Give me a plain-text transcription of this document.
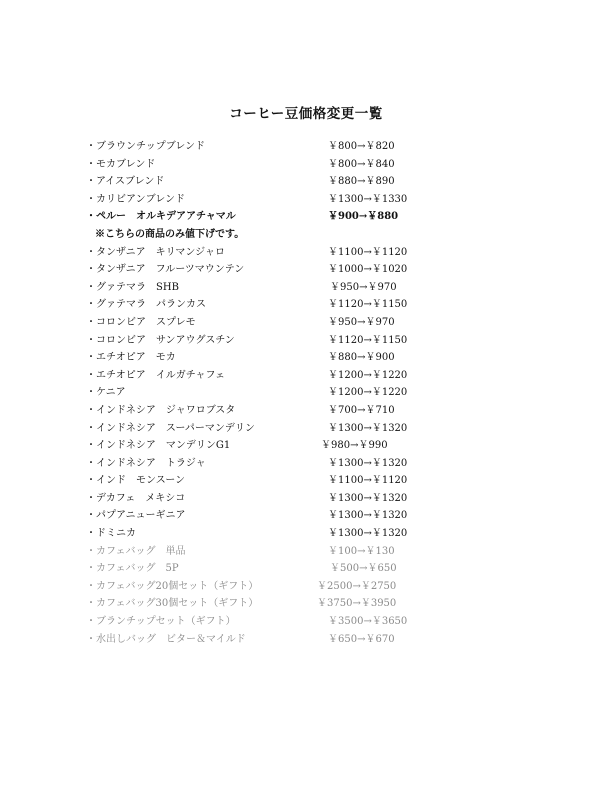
コーヒー豆価格変更一覧
・ブラウンチップブレンド	￥800→￥820
・モカブレンド	￥800→￥840
・アイスブレンド	￥880→￥890
・カリビアンブレンド	￥1300→￥1330
・ペルー　オルキデアアチャマル	￥900→￥880
※こちらの商品のみ値下げです。
・タンザニア　キリマンジャロ	￥1100→￥1120
・タンザニア　フルーツマウンテン	￥1000→￥1020
・グァテマラ　SHB	￥950→￥970
・グァテマラ　パランカス	￥1120→￥1150
・コロンビア　スプレモ	￥950→￥970
・コロンビア　サンアウグスチン	￥1120→￥1150
・エチオピア　モカ	￥880→￥900
・エチオピア　イルガチャフェ	￥1200→￥1220
・ケニア	￥1200→￥1220
・インドネシア　ジャワロブスタ	￥700→￥710
・インドネシア　スーパーマンデリン	￥1300→￥1320
・インドネシア　マンデリンG1	￥980→￥990
・インドネシア　トラジャ	￥1300→￥1320
・インド　モンスーン	￥1100→￥1120
・デカフェ　メキシコ	￥1300→￥1320
・パプアニューギニア	￥1300→￥1320
・ドミニカ	￥1300→￥1320
・カフェバッグ　単品	￥100→￥130
・カフェバッグ　5P	￥500→￥650
・カフェバッグ20個セット（ギフト）	￥2500→￥2750
・カフェバッグ30個セット（ギフト）	￥3750→￥3950
・ブランチップセット（ギフト）	￥3500→￥3650
・水出しバッグ　ビター＆マイルド	￥650→￥670
